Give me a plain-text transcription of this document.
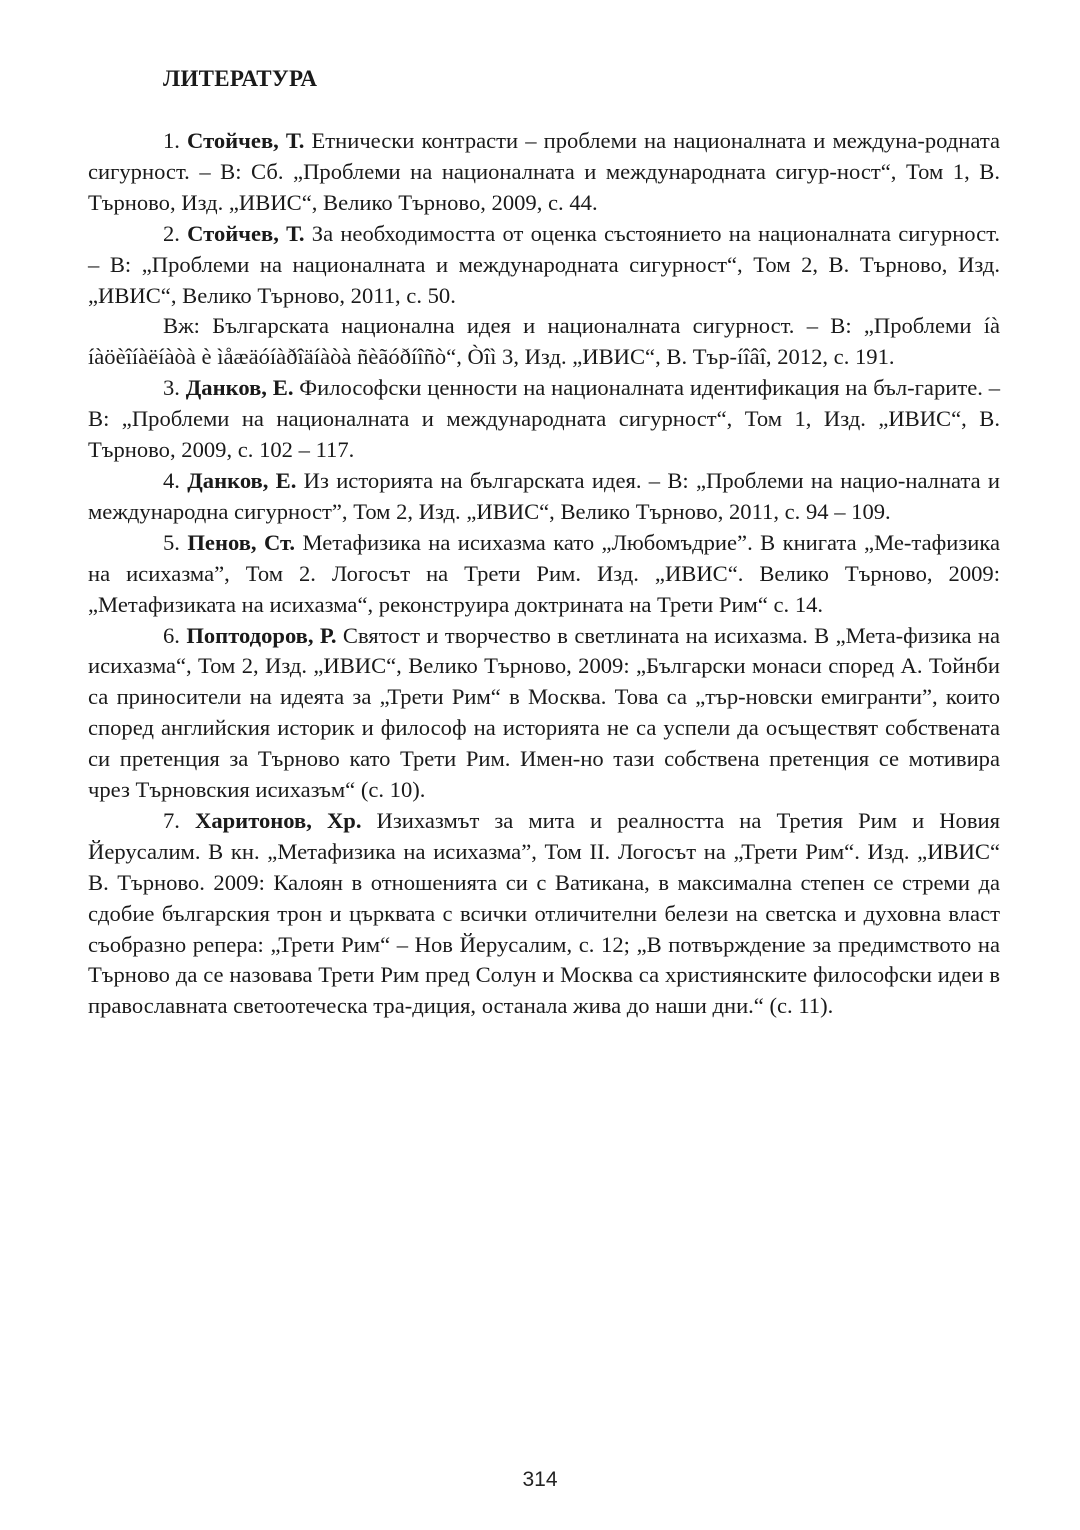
ЛИТЕРАТУРА

1. Стойчев, Т. Етнически контрасти – проблеми на националната и междуна-родната сигурност. – В: Сб. „Проблеми на националната и международната сигур-ност“, Том 1, В. Търново, Изд. „ИВИС“, Велико Търново, 2009, с. 44.

2. Стойчев, Т. За необходимостта от оценка състоянието на националната сигурност. – В: „Проблеми на националната и международната сигурност“, Том 2, В. Търново, Изд. „ИВИС“, Велико Търново, 2011, с. 50.

Вж: Българската национална идея и националната сигурност. – В: „Проблеми íà íàöèîíàëíàòà è ìåæäóíàðîäíàòà ñèãóðíîñò“, Òîì 3, Изд. „ИВИС“, В. Тър-íîâî, 2012, с. 191.

3. Данков, Е. Философски ценности на националната идентификация на бъл-гарите. – В: „Проблеми на националната и международната сигурност“, Том 1, Изд. „ИВИС“, В. Търново, 2009, с. 102 – 117.

4. Данков, Е. Из историята на българската идея. – В: „Проблеми на нацио-налната и международна сигурност”, Том 2, Изд. „ИВИС“, Велико Търново, 2011, с. 94 – 109.

5. Пенов, Ст. Метафизика на исихазма като „Любомъдрие”. В книгата „Ме-тафизика на исихазма”, Том 2. Логосът на Трети Рим. Изд. „ИВИС“. Велико Търново, 2009: „Метафизиката на исихазма“, реконструира доктрината на Трети Рим“ с. 14.

6. Поптодоров, Р. Святост и творчество в светлината на исихазма. В „Мета-физика на исихазма“, Том 2, Изд. „ИВИС“, Велико Търново, 2009: „Български монаси според А. Тойнби са приносители на идеята за „Трети Рим“ в Москва. Това са „тър-новски емигранти”, които според английския историк и философ на историята не са успели да осъществят собствената си претенция за Търново като Трети Рим. Имен-но тази собствена претенция се мотивира чрез Търновския исихазъм“ (с. 10).

7. Харитонов, Хр. Изихазмът за мита и реалността на Третия Рим и Новия Йерусалим. В кн. „Метафизика на исихазма”, Том II. Логосът на „Трети Рим“. Изд. „ИВИС“ В. Търново. 2009: Калоян в отношенията си с Ватикана, в максимална степен се стреми да сдобие българския трон и църквата с всички отличителни белези на светска и духовна власт съобразно репера: „Трети Рим“ – Нов Йерусалим, с. 12; „В потвърждение за предимството на Търново да се назовава Трети Рим пред Солун и Москва са християнските философски идеи в православната светоотеческа тра-диция, останала жива до наши дни.“ (с. 11).

314
